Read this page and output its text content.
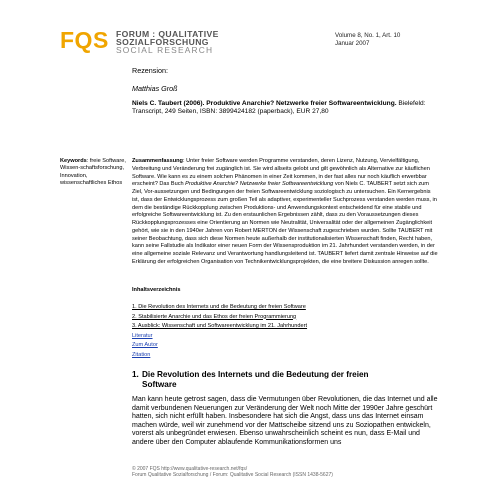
FQS FORUM : QUALITATIVE
SOZIALFORSCHUNG
SOCIAL RESEARCH
Volume 8, No. 1, Art. 10
Januar 2007
Rezension:
Matthias Groß
Niels C. Taubert (2006). Produktive Anarchie? Netzwerke freier Softwareentwicklung. Bielefeld: Transcript, 249 Seiten, ISBN: 3899424182 (paperback), EUR 27,80
Keywords: freie Software, Wissen-schaftsforschung, Innovation, wissenschaftliches Ethos
Zusammenfassung: Unter freier Software werden Programme verstanden, deren Lizenz, Nutzung, Vervielfältigung, Verbreitung und Veränderung frei zugänglich ist. Sie wird allseits gelobt und gilt gewöhnlich als Alternative zur käuflichen Software. Wie kann es zu einem solchen Phänomen in einer Zeit kommen, in der fast alles nur noch käuflich erwerbbar erscheint? Das Buch Produktive Anarchie? Netzwerke freier Softwareentwicklung von Niels C. TAUBERT setzt sich zum Ziel, Vor-aussetzungen und Bedingungen der freien Softwareentwicklung soziologisch zu untersuchen. Ein Kernergebnis ist, dass der Entwicklungsprozess zum großen Teil als adaptiver, experimenteller Suchprozess verstanden werden muss, in dem die beständige Rückkopplung zwischen Produktions- und Anwendungskontext entscheidend für eine stabile und erfolgreiche Softwareentwicklung ist. Zu den erstaunlichen Ergebnissen zählt, dass zu den Voraussetzungen dieses Rückkopplungsprozesses eine Orientierung an Normen wie Neutralität, Universalität oder der allgemeinen Zugänglichkeit gehört, wie sie in den 1940er Jahren von Robert MERTON der Wissenschaft zugeschrieben wurden. Sollte TAUBERT mit seiner Beobachtung, dass sich diese Normen heute außerhalb der institutionalisierten Wissenschaft finden, Recht haben, kann seine Fallstudie als Indikator einer neuen Form der Wissensproduktion im 21. Jahrhundert verstanden werden, in der eine allgemeine soziale Relevanz und Verantwortung handlungsleitend ist. TAUBERT liefert damit zentrale Hinweise auf die Erklärung der erfolgreichen Organisation von Technikentwicklungsprojekten, die eine breitere Diskussion anregen sollte.
Inhaltsverzeichnis
1. Die Revolution des Internets und die Bedeutung der freien Software
2. Stabilisierte Anarchie und das Ethos der freien Programmierung
3. Ausblick: Wissenschaft und Softwareentwicklung im 21. Jahrhundert
Literatur
Zum Autor
Zitation
1. Die Revolution des Internets und die Bedeutung der freien
Software
Man kann heute getrost sagen, dass die Vermutungen über Revolutionen, die das Internet und alle damit verbundenen Neuerungen zur Veränderung der Welt noch Mitte der 1990er Jahre geschürt hatten, sich nicht erfüllt haben. Insbesondere hat sich die Angst, dass uns das Internet einsam machen würde, weil wir zunehmend vor der Mattscheibe sitzend uns zu Soziopathen entwickeln, vorerst als unbegründet erwiesen. Ebenso unwahrscheinlich scheint es nun, dass E-Mail und andere über den Computer ablaufende Kommunikationsformen uns
© 2007 FQS http://www.qualitative-research.net/fqs/
Forum Qualitative Sozialforschung / Forum: Qualitative Social Research (ISSN 1438-5627)
